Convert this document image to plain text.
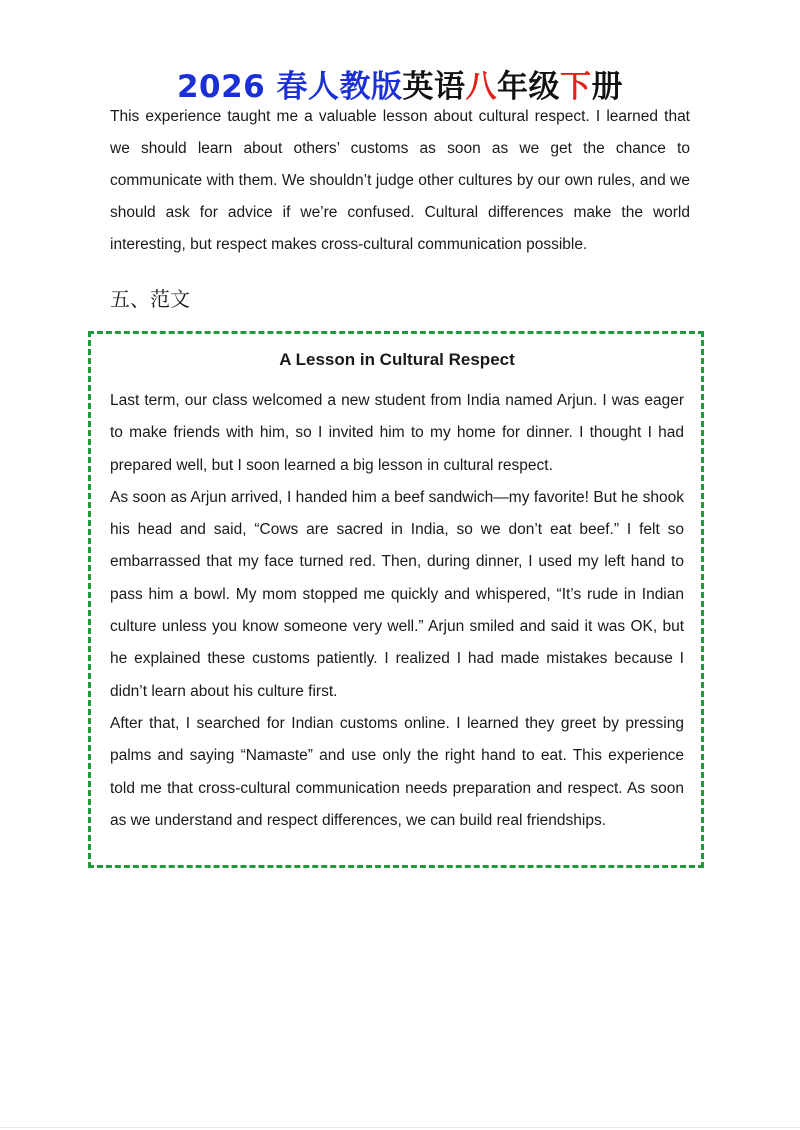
2026 春人教版英语八年级下册

This experience taught me a valuable lesson about cultural respect. I learned that we should learn about others’ customs as soon as we get the chance to communicate with them. We shouldn’t judge other cultures by our own rules, and we should ask for advice if we’re confused. Cultural differences make the world interesting, but respect makes cross-cultural communication possible.

五、范文
A Lesson in Cultural Respect

Last term, our class welcomed a new student from India named Arjun. I was eager to make friends with him, so I invited him to my home for dinner. I thought I had prepared well, but I soon learned a big lesson in cultural respect.

As soon as Arjun arrived, I handed him a beef sandwich—my favorite! But he shook his head and said, “Cows are sacred in India, so we don’t eat beef.” I felt so embarrassed that my face turned red. Then, during dinner, I used my left hand to pass him a bowl. My mom stopped me quickly and whispered, “It’s rude in Indian culture unless you know someone very well.” Arjun smiled and said it was OK, but he explained these customs patiently. I realized I had made mistakes because I didn’t learn about his culture first.

After that, I searched for Indian customs online. I learned they greet by pressing palms and saying “Namaste” and use only the right hand to eat. This experience told me that cross-cultural communication needs preparation and respect. As soon as we understand and respect differences, we can build real friendships.
